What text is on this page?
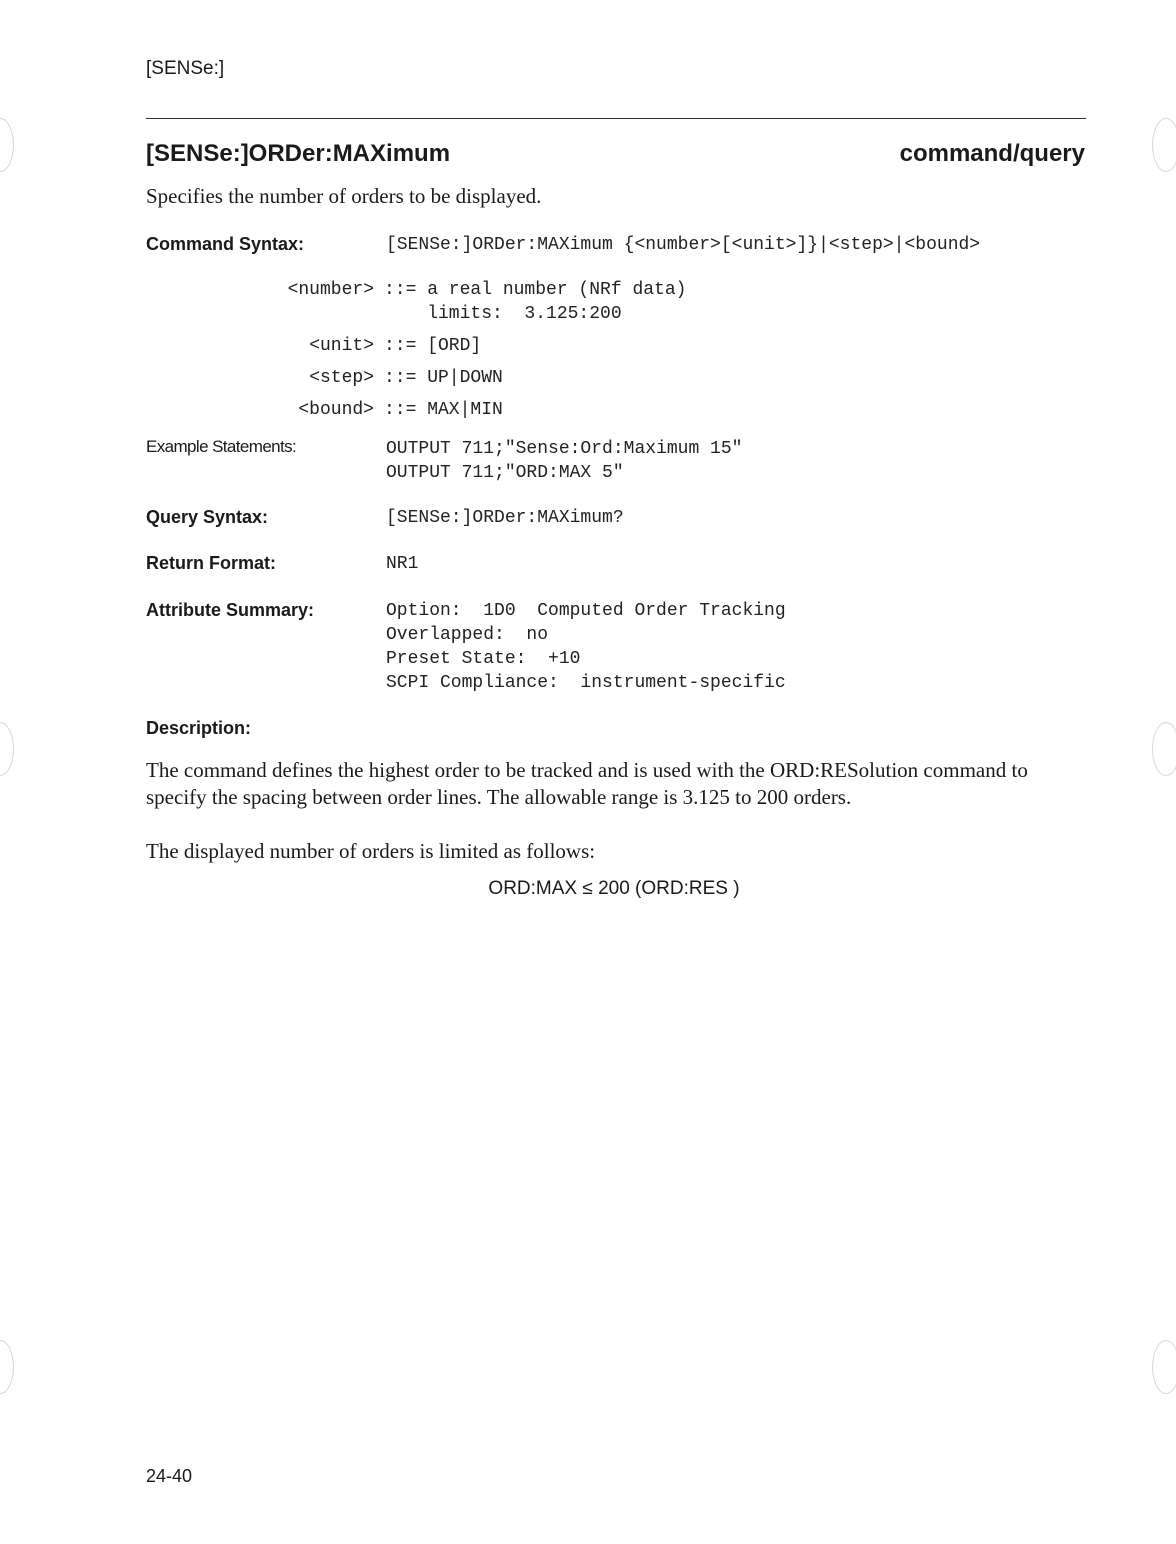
[SENSe:]
[SENSe:]ORDer:MAXimum	command/query
Specifies the number of orders to be displayed.
Command Syntax:	[SENSe:]ORDer:MAXimum {<number>[<unit>]}|<step>|<bound>
<number> ::= a real number (NRf data)
limits:  3.125:200
<unit> ::= [ORD]
<step> ::= UP|DOWN
<bound> ::= MAX|MIN
Example Statements:	OUTPUT 711;"Sense:Ord:Maximum 15"
OUTPUT 711;"ORD:MAX 5"
Query Syntax:	[SENSe:]ORDer:MAXimum?
Return Format:	NR1
Attribute Summary:	Option:  1D0  Computed Order Tracking
Overlapped:  no
Preset State:  +10
SCPI Compliance:  instrument-specific
Description:
The command defines the highest order to be tracked and is used with the ORD:RESolution command to specify the spacing between order lines. The allowable range is 3.125 to 200 orders.
The displayed number of orders is limited as follows:
ORD:MAX ≤ 200 (ORD:RES )
24-40
